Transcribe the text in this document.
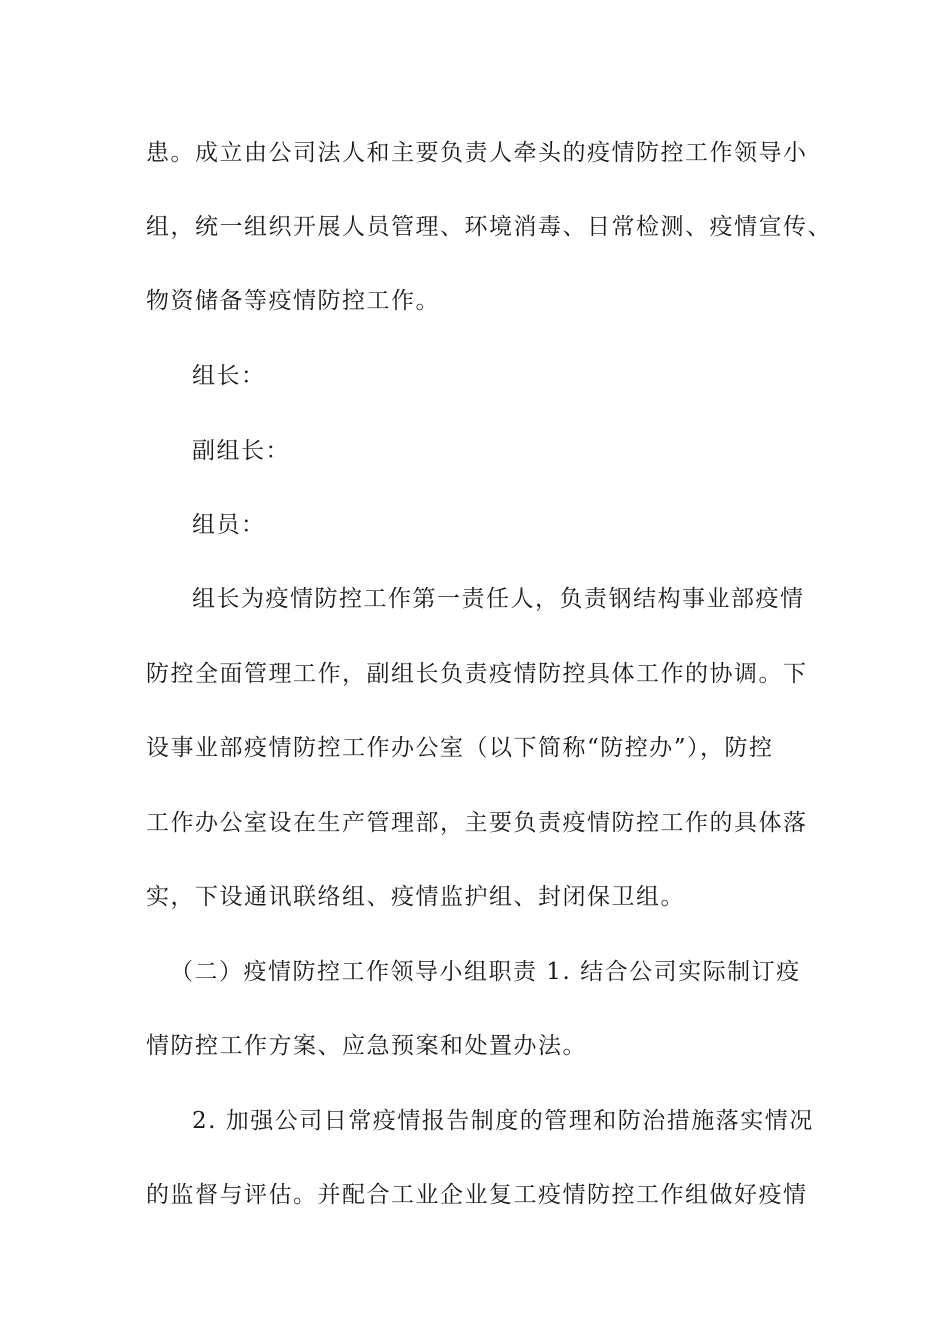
患。成立由公司法人和主要负责人牵头的疫情防控工作领导小
组，统一组织开展人员管理、环境消毒、日常检测、疫情宣传、
物资储备等疫情防控工作。
组长：
副组长：
组员：
组长为疫情防控工作第一责任人，负责钢结构事业部疫情
防控全面管理工作，副组长负责疫情防控具体工作的协调。下
设事业部疫情防控工作办公室（以下简称“防控办”），防控
工作办公室设在生产管理部，主要负责疫情防控工作的具体落
实，下设通讯联络组、疫情监护组、封闭保卫组。
（二）疫情防控工作领导小组职责 1. 结合公司实际制订疫
情防控工作方案、应急预案和处置办法。
2. 加强公司日常疫情报告制度的管理和防治措施落实情况
的监督与评估。并配合工业企业复工疫情防控工作组做好疫情
